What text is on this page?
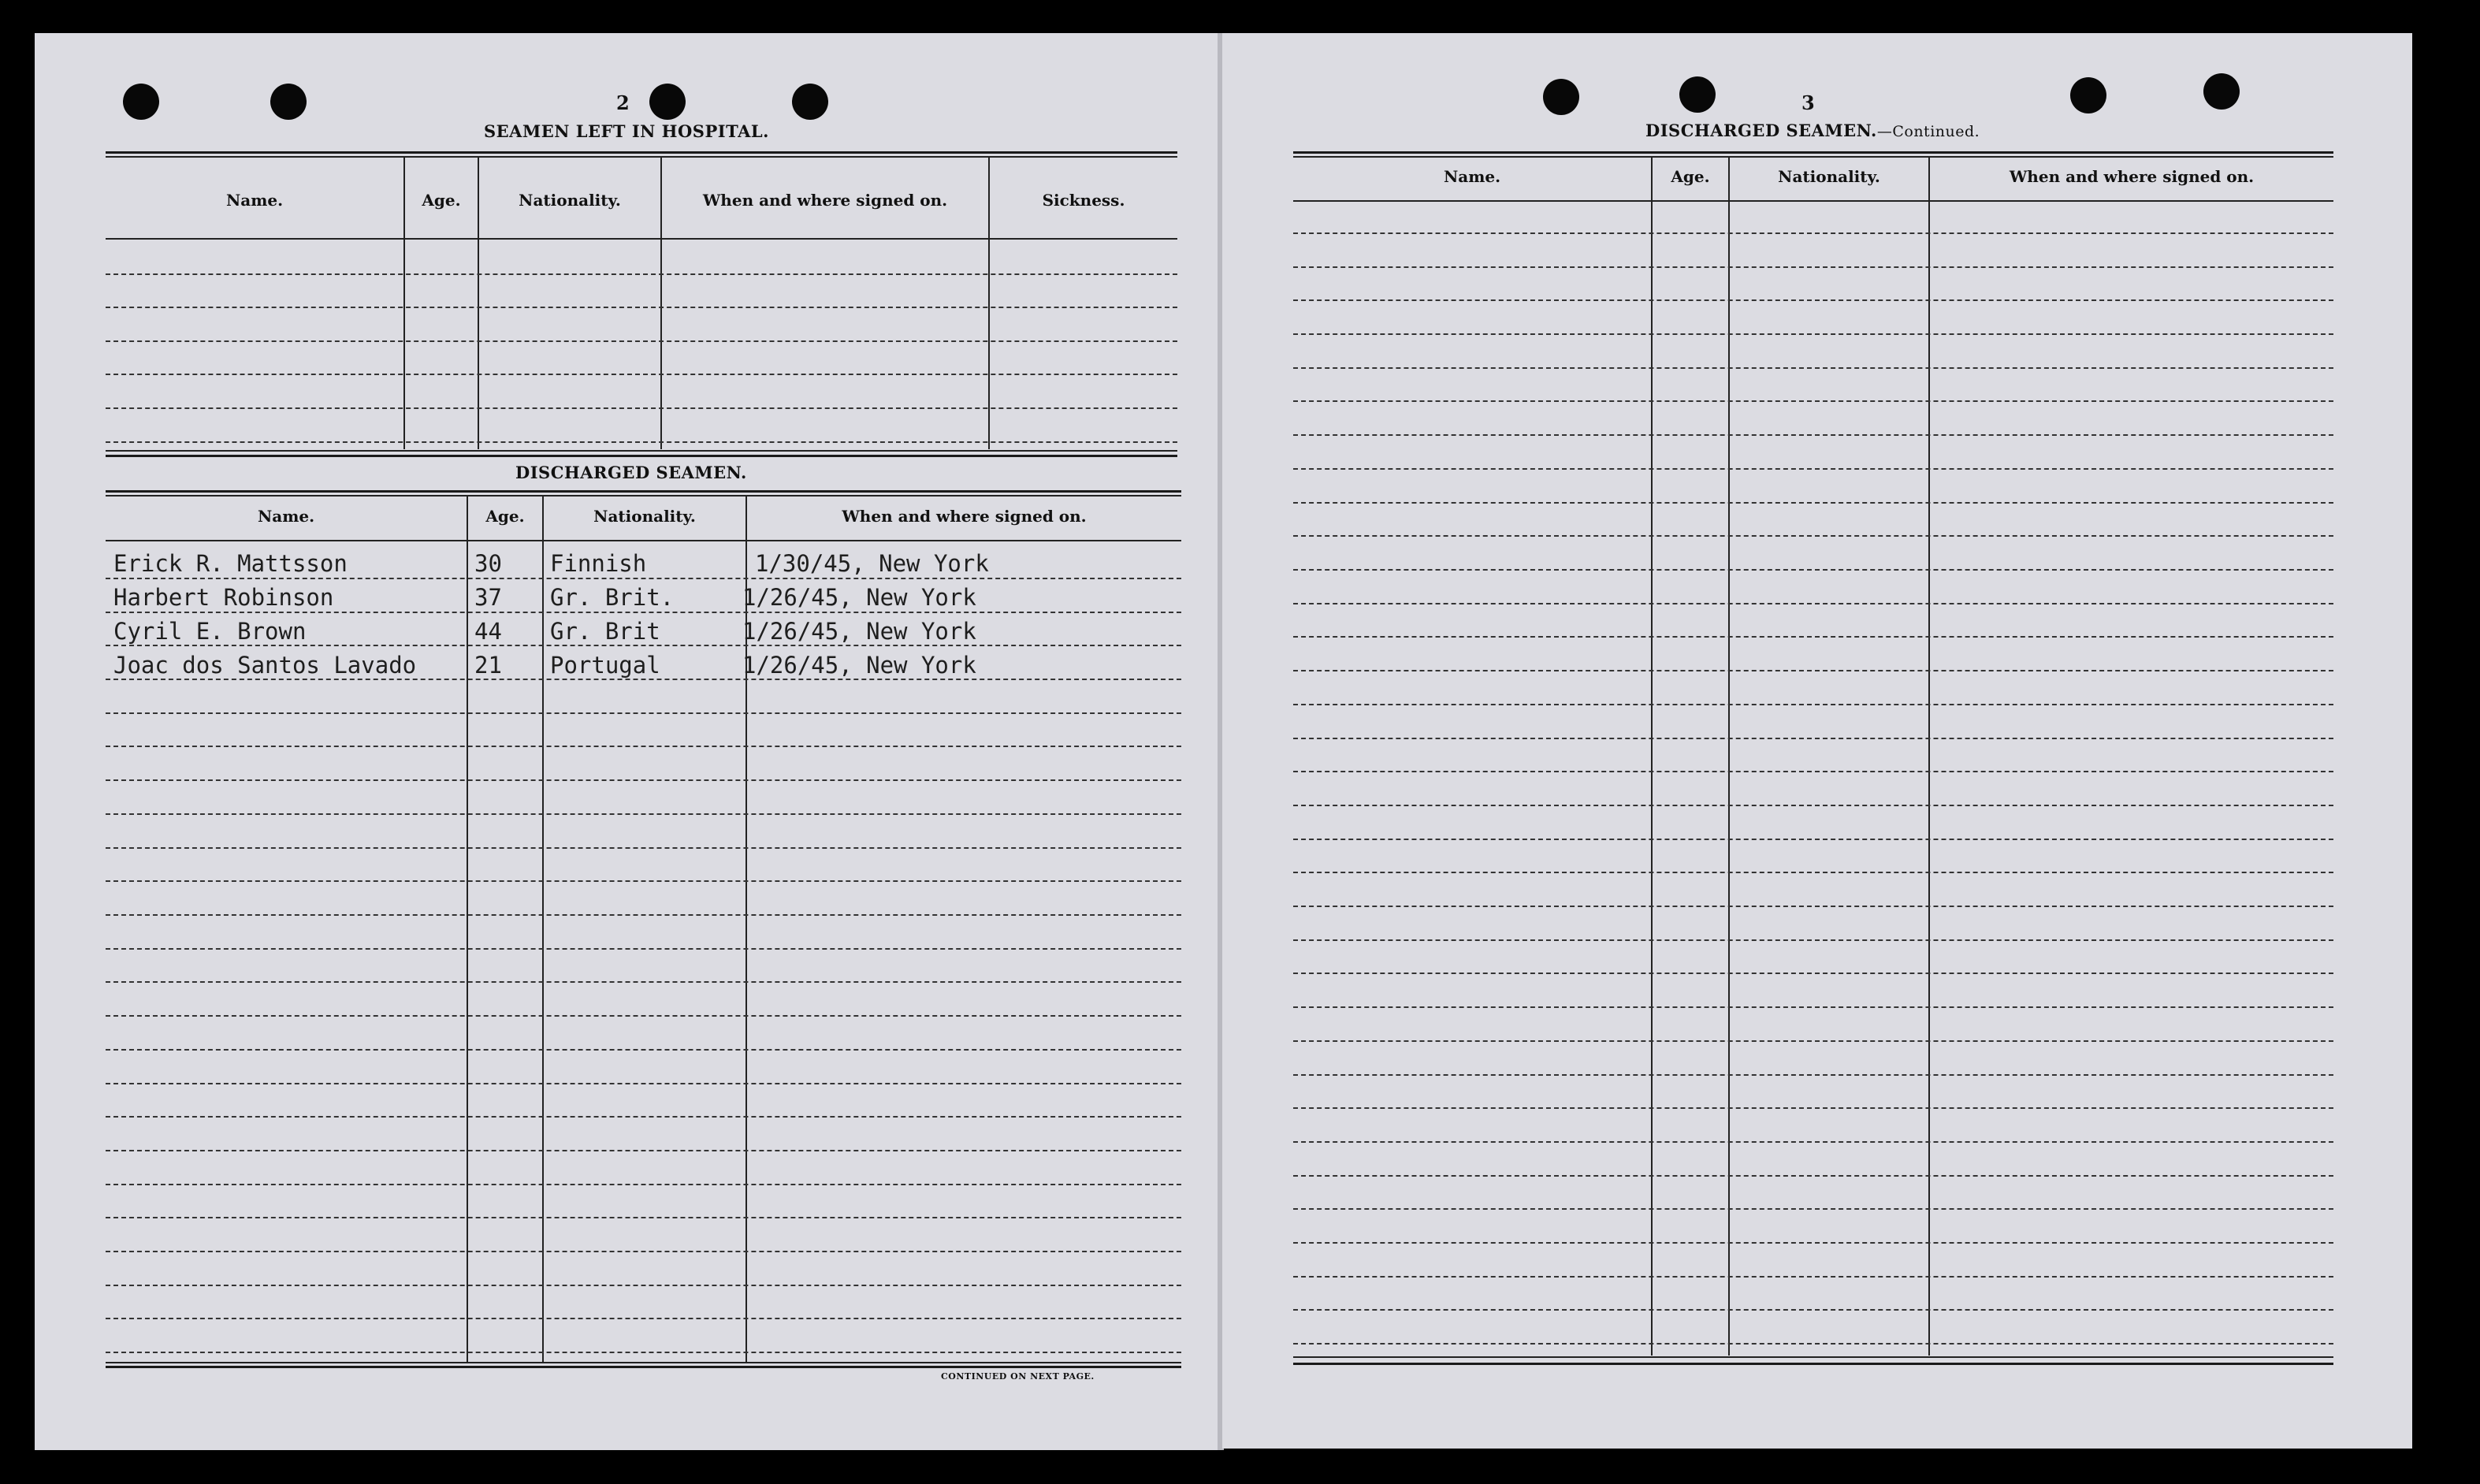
2
SEAMEN LEFT IN HOSPITAL.
Name.	Age.	Nationality.	When and where signed on.	Sickness.
DISCHARGED SEAMEN.
Name.	Age.	Nationality.	When and where signed on.
Erick R. Mattsson	30 Finnish	1/30/45, New York
Harbert Robinson	37 Gr. Brit.	1/26/45, New York
Cyril E. Brown	44 Gr. Brit	1/26/45, New York
Joac dos Santos Lavado	21 Portugal	1/26/45, New York
CONTINUED ON NEXT PAGE.
3
DISCHARGED SEAMEN.—Continued.
Name.	Age.	Nationality.	When and where signed on.
